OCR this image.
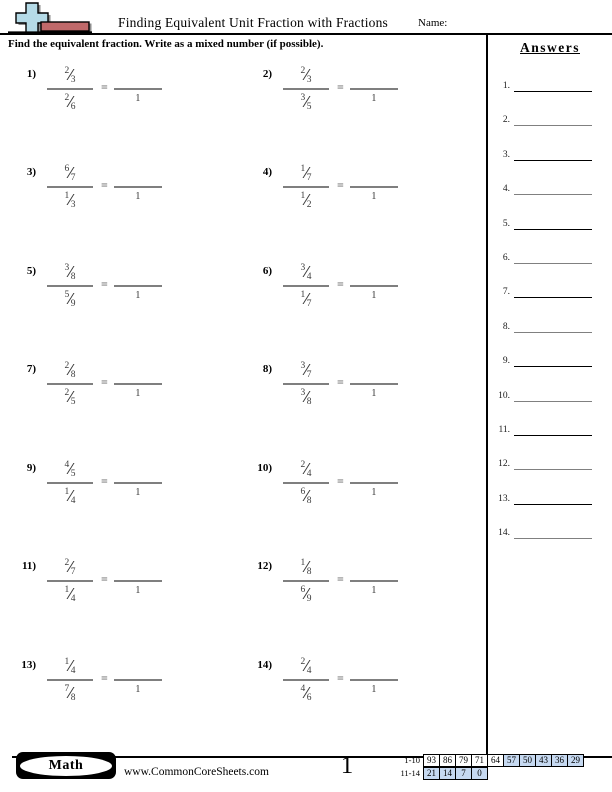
Finding Equivalent Unit Fraction with Fractions	Name:
Find the equivalent fraction. Write as a mixed number (if possible).	Answers
1.
2.
3.
4.
5.
6.
7.
8.
9.
10.
11.
12.
13.
14.
1)	2 ⁄ 3
2 ⁄ 6
=
1
2)	2 ⁄ 3
3 ⁄ 5
=
1
3)	6 ⁄ 7
1 ⁄ 3
=
1
4)	1 ⁄ 7
1 ⁄ 2
=
1
5)	3 ⁄ 8
5 ⁄ 9
=
1
6)	3 ⁄ 4
1 ⁄ 7
=
1
7)	2 ⁄ 8
2 ⁄ 5
=
1
8)	3 ⁄ 7
3 ⁄ 8
=
1
9)	4 ⁄ 5
1 ⁄ 4
=
1
10)	2 ⁄ 4
6 ⁄ 8
=
1
11)	2 ⁄ 7
1 ⁄ 4
=
1
12)	1 ⁄ 8
6 ⁄ 9
=
1
13)	1 ⁄ 4
7 ⁄ 8
=
1
14)	2 ⁄ 4
4 ⁄ 6
=
1
Math	www.CommonCoreSheets.com	1	1-10 93 86 79 71 64 57 50 43 36 29
11-14 21 14	7	0
